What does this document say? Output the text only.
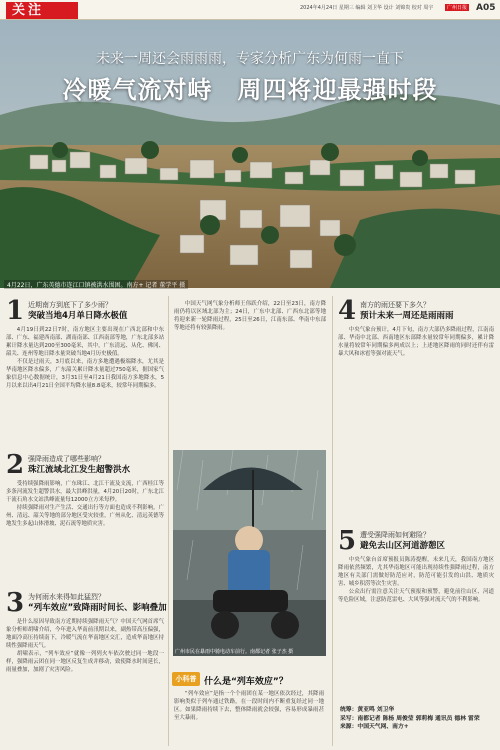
关注	2024年4月24日 星期三 编辑 刘卫华 设计 刘锦贵 校对 周宇	广州日报 A05
未来一周还会雨雨雨，专家分析广东为何雨一直下
冷暖气流对峙　周四将迎最强时段
4月22日，广东英德市连江口镇被洪水围困。南方+ 记者 董学平 摄
1 近期南方到底下了多少雨？
突破当地4月单日降水极值

4月19日到22日7时，南方地区主要出现在广西北部和中东部、广东、福建西南部、湖南南部、江西南部等地，广东北部多站累计降水量达到200至300毫米，其中，广东清远、从化、佛冈、韶关、连州等地日降水量突破当地4月历史极值。

不仅是过雨天，3月底以来，南方多地遭遇极端降水，尤其是华南地区降水偏多，广东韶关累计降水量超过750毫米，据国家气象信息中心数据统计，3月31日至4月21日我国南方多地降水，5月以来以出4月21日全国平均降水量8.8毫米，较常年同期偏多。

2 强降雨造成了哪些影响？
珠江流域北江发生超警洪水

受持续强降雨影响，广东珠江、北江干流及支流，广西桂江等多条河流发生超警洪水，最大洪峰洪量，4月20日20时，广东北江干流石角水文站洪峰流量每12000立方米每秒。

持续强降雨对生产生活、交通出行等方面也造成不利影响，广州、清远、韶关等地的部分地区受灾较重，广州从化、清远英德等地发生多起山体滑坡、泥石流等地质灾害。

3 为何雨水来得如此猛烈？
“列车效应”致降雨时间长、影响叠加

是什么原因导致南方近期持续强降雨天气？中国天气网首席气象分析师胡啸介绍，今年进入华南前汛期以来，副热带高压偏强，地面冷高压持续南下，冷暖气流在华南地区交汇，造成华南地区持续性强降雨天气。

胡啸表示，“列车效应”就像一列列火车依次驶过同一地段一样，强降雨云团在同一地区反复生成并移动，致使降水时间延长，雨量叠加，加剧了灾害风险。

中国天气网气象分析师王伟跃介绍，22日至23日，南方降雨仍将以区域北部为主；24日，广东中北部、广西东北部等地将迎来新一轮降雨过程，25日至26日，江南东部、华南中东部等地还将有较强降雨。

广州市民在暴雨中骑电动车前行。南都记者 张子杰 摄
小科普 什么是“列车效应”？
“列车效应”是指一个个雨团在某一地区依次经过，其降雨影响类似于列车通过铁路，在一段时间内不断重复经过同一地区。如果降雨持续下去，整体降雨就会较强，容易形成暴雨甚至大暴雨。
4 南方的雨还要下多久？
预计未来一周还是雨雨雨

中央气象台预计，4月下旬，南方大部仍多降雨过程，江南南部、华南中北部、西南地区东部降水量较常年同期偏多，累计降水量将较常年同期偏多两成以上；上述地区降雨的同时还伴有雷暴大风和冰雹等强对流天气。

5 遭受强降雨如何避险？
避免去山区河道游憩区

中央气象台首席预报员陈涛提醒，未来几天，我国南方地区降雨依然频繁，尤其华南地区可能出现持续性强降雨过程，南方地区有关部门需做好防范应对，防范可能引发的山洪、地质灾害、城乡积涝等次生灾害。

公众出行需注意关注天气预报和预警，避免前往山区、河道等危险区域，注意防范雷电、大风等强对流天气的不利影响。

统筹：黄亚鸣 刘卫华
采写：南都记者 陈杨 周俊莹 郭莉梅 通讯员 德林 雷荣
来源：中国天气网、南方+
